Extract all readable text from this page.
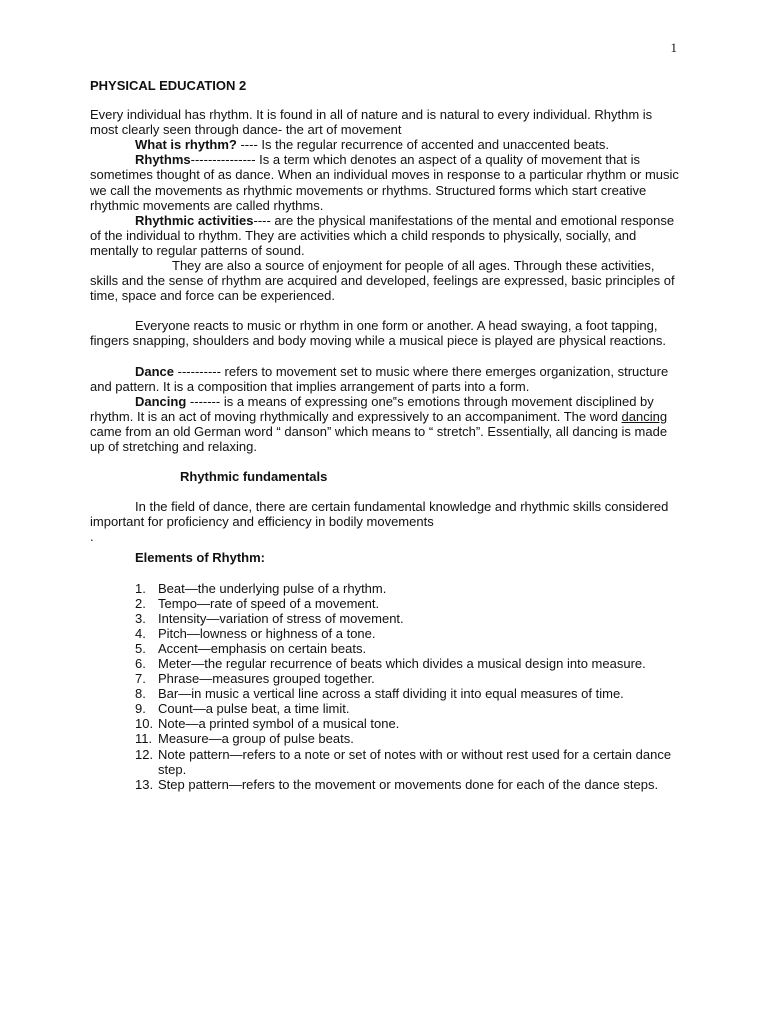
1

PHYSICAL EDUCATION 2

Every individual has rhythm. It is found in all of nature and is natural to every individual. Rhythm is most clearly seen through dance- the art of movement

What is rhythm? ---- Is the regular recurrence of accented and unaccented beats.

Rhythms--------------- Is a term which denotes an aspect of a quality of movement that is sometimes thought of as dance. When an individual moves in response to a particular rhythm or music we call the movements as rhythmic movements or rhythms. Structured forms which start creative rhythmic movements are called rhythms.

Rhythmic activities---- are the physical manifestations of the mental and emotional response of the individual to rhythm. They are activities which a child responds to physically, socially, and mentally to regular patterns of sound.

They are also a source of enjoyment for people of all ages. Through these activities, skills and the sense of rhythm are acquired and developed, feelings are expressed, basic principles of time, space and force can be experienced.

Everyone reacts to music or rhythm in one form or another. A head swaying, a foot tapping, fingers snapping, shoulders and body moving while a musical piece is played are physical reactions.

Dance ---------- refers to movement set to music where there emerges organization, structure and pattern. It is a composition that implies arrangement of parts into a form.

Dancing ------- is a means of expressing one‟s emotions through movement disciplined by rhythm. It is an act of moving rhythmically and expressively to an accompaniment. The word dancing came from an old German word “ danson” which means to “ stretch”. Essentially, all dancing is made up of stretching and relaxing.

Rhythmic fundamentals

In the field of dance, there are certain fundamental knowledge and rhythmic skills considered important for proficiency and efficiency in bodily movements

.

Elements of Rhythm:

1. Beat—the underlying pulse of a rhythm.
2. Tempo—rate of speed of a movement.
3. Intensity—variation of stress of movement.
4. Pitch—lowness or highness of a tone.
5. Accent—emphasis on certain beats.
6. Meter—the regular recurrence of beats which divides a musical design into measure.
7. Phrase—measures grouped together.
8. Bar—in music a vertical line across a staff dividing it into equal measures of time.
9. Count—a pulse beat, a time limit.
10. Note—a printed symbol of a musical tone.
11. Measure—a group of pulse beats.
12. Note pattern—refers to a note or set of notes with or without rest used for a certain dance step.
13. Step pattern—refers to the movement or movements done for each of the dance steps.
